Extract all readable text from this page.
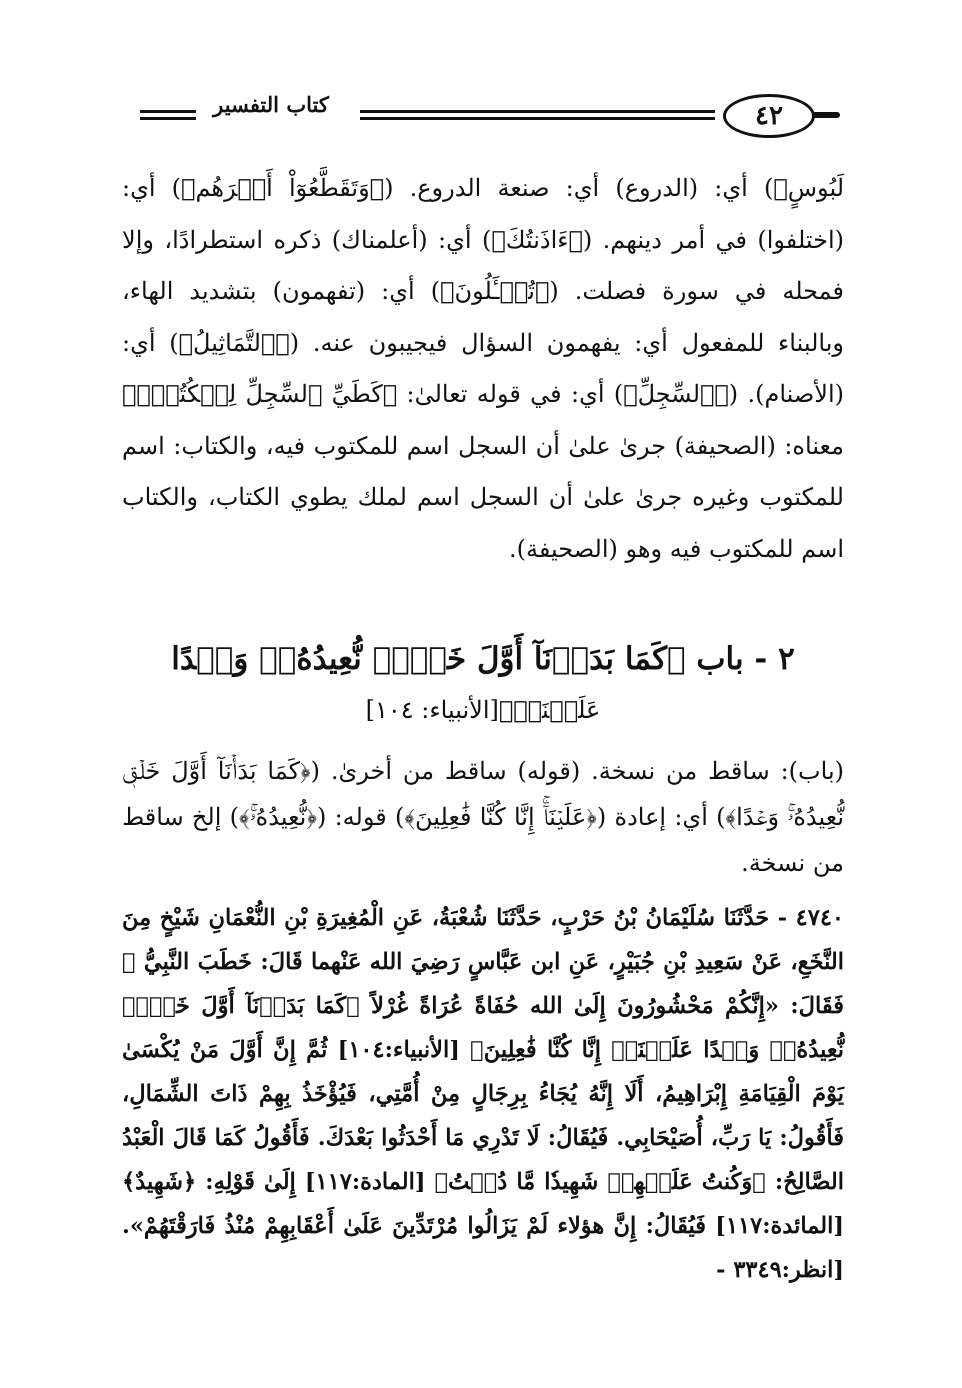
كتاب التفسير	٤٢

لَبُوسٍ﴾) أي: (الدروع) أي: صنعة الدروع. (﴿وَتَقَطَّعُوٓاْ أَمۡرَهُم﴾) أي: (اختلفوا) في أمر دينهم. (﴿ءَاذَنتُكَ﴾) أي: (أعلمناك) ذكره استطرادًا، وإلا فمحله في سورة فصلت. (﴿تُسۡـَٔلُونَ﴾) أي: (تفهمون) بتشديد الهاء، وبالبناء للمفعول أي: يفهمون السؤال فيجيبون عنه. (﴿ٱلتَّمَاثِيلُ﴾) أي: (الأصنام). (﴿ٱلسِّجِلِّ﴾) أي: في قوله تعالىٰ: ﴿كَطَيِّ ٱلسِّجِلِّ لِلۡكُتُبِۚ﴾ معناه: (الصحيفة) جرىٰ علىٰ أن السجل اسم للمكتوب فيه، والكتاب: اسم للمكتوب وغيره جرىٰ علىٰ أن السجل اسم لملك يطوي الكتاب، والكتاب اسم للمكتوب فيه وهو (الصحيفة).

٢ - باب ﴿كَمَا بَدَأۡنَآ أَوَّلَ خَلۡقٖ نُّعِيدُهُۥۚ وَعۡدًا
عَلَيۡنَآۚ﴾[الأنبياء: ١٠٤]

(باب): ساقط من نسخة. (قوله) ساقط من أخرىٰ. (﴿كَمَا بَدَأۡنَآ أَوَّلَ خَلۡقٖ نُّعِيدُهُۥۚ وَعۡدًا﴾) أي: إعادة (﴿عَلَيۡنَآۚ إِنَّا كُنَّا فَٰعِلِينَ﴾) قوله: (﴿نُّعِيدُهُۥۚ﴾) إلخ ساقط من نسخة.

٤٧٤٠ - حَدَّثَنَا سُلَيْمَانُ بْنُ حَرْبٍ، حَدَّثَنَا شُعْبَةُ، عَنِ الْمُغِيرَةِ بْنِ النُّعْمَانِ شَيْخٍ مِنَ النَّخَعِ، عَنْ سَعِيدِ بْنِ جُبَيْرٍ، عَنِ ابن عَبَّاسٍ رَضِيَ الله عَنْهما قَالَ: خَطَبَ النَّبِيُّ ﷺ فَقَالَ: «إِنَّكُمْ مَحْشُورُونَ إِلَىٰ الله حُفَاةً عُرَاةً غُرْلاً ﴿كَمَا بَدَأۡنَآ أَوَّلَ خَلۡقٖ نُّعِيدُهُۥۚ وَعۡدًا عَلَيۡنَآۚ إِنَّا كُنَّا فَٰعِلِينَ﴾ [الأنبياء:١٠٤] ثُمَّ إِنَّ أَوَّلَ مَنْ يُكْسَىٰ يَوْمَ الْقِيَامَةِ إِبْرَاهِيمُ، أَلَا إِنَّهُ يُجَاءُ بِرِجَالٍ مِنْ أُمَّتِي، فَيُؤْخَذُ بِهِمْ ذَاتَ الشِّمَالِ، فَأَقُولُ: يَا رَبِّ، أُصَيْحَابِي. فَيُقَالُ: لَا تَدْرِي مَا أَحْدَثُوا بَعْدَكَ. فَأَقُولُ كَمَا قَالَ الْعَبْدُ الصَّالِحُ: ﴿وَكُنتُ عَلَيۡهِمۡ شَهِيدٗا مَّا دُمۡتُ﴾ [المادة:١١٧] إِلَىٰ قَوْلِهِ: ﴿شَهِيدٌ﴾ [المائدة:١١٧] فَيُقَالُ: إِنَّ هؤلاء لَمْ يَزَالُوا مُرْتَدِّينَ عَلَىٰ أَعْقَابِهِمْ مُنْذُ فَارَقْتَهُمْ». [انظر:٣٣٤٩ -
